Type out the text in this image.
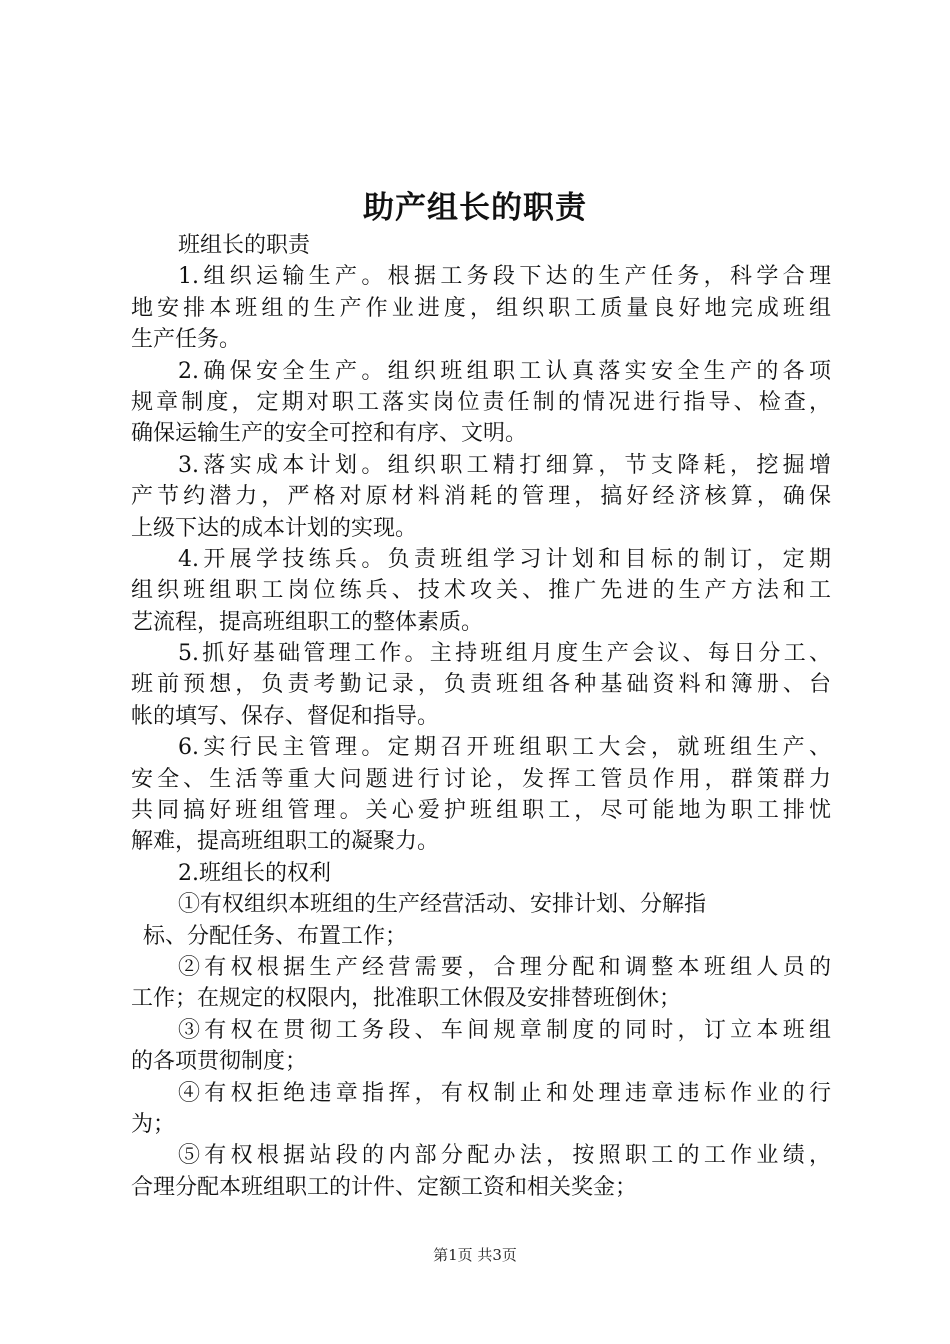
助产组长的职责
班组长的职责
1.组织运输生产。根据工务段下达的生产任务，科学合理
地安排本班组的生产作业进度，组织职工质量良好地完成班组
生产任务。
2.确保安全生产。组织班组职工认真落实安全生产的各项
规章制度，定期对职工落实岗位责任制的情况进行指导、检查，
确保运输生产的安全可控和有序、文明。
3.落实成本计划。组织职工精打细算，节支降耗，挖掘增
产节约潜力，严格对原材料消耗的管理，搞好经济核算，确保
上级下达的成本计划的实现。
4.开展学技练兵。负责班组学习计划和目标的制订，定期
组织班组职工岗位练兵、技术攻关、推广先进的生产方法和工
艺流程，提高班组职工的整体素质。
5.抓好基础管理工作。主持班组月度生产会议、每日分工、
班前预想，负责考勤记录，负责班组各种基础资料和簿册、台
帐的填写、保存、督促和指导。
6.实行民主管理。定期召开班组职工大会，就班组生产、
安全、生活等重大问题进行讨论，发挥工管员作用，群策群力
共同搞好班组管理。关心爱护班组职工，尽可能地为职工排忧
解难，提高班组职工的凝聚力。
2.班组长的权利
①有权组织本班组的生产经营活动、安排计划、分解指
标、分配任务、布置工作；
②有权根据生产经营需要，合理分配和调整本班组人员的
工作；在规定的权限内，批准职工休假及安排替班倒休；
③有权在贯彻工务段、车间规章制度的同时，订立本班组
的各项贯彻制度；
④有权拒绝违章指挥，有权制止和处理违章违标作业的行
为；
⑤有权根据站段的内部分配办法，按照职工的工作业绩，
合理分配本班组职工的计件、定额工资和相关奖金；
第1页 共3页
